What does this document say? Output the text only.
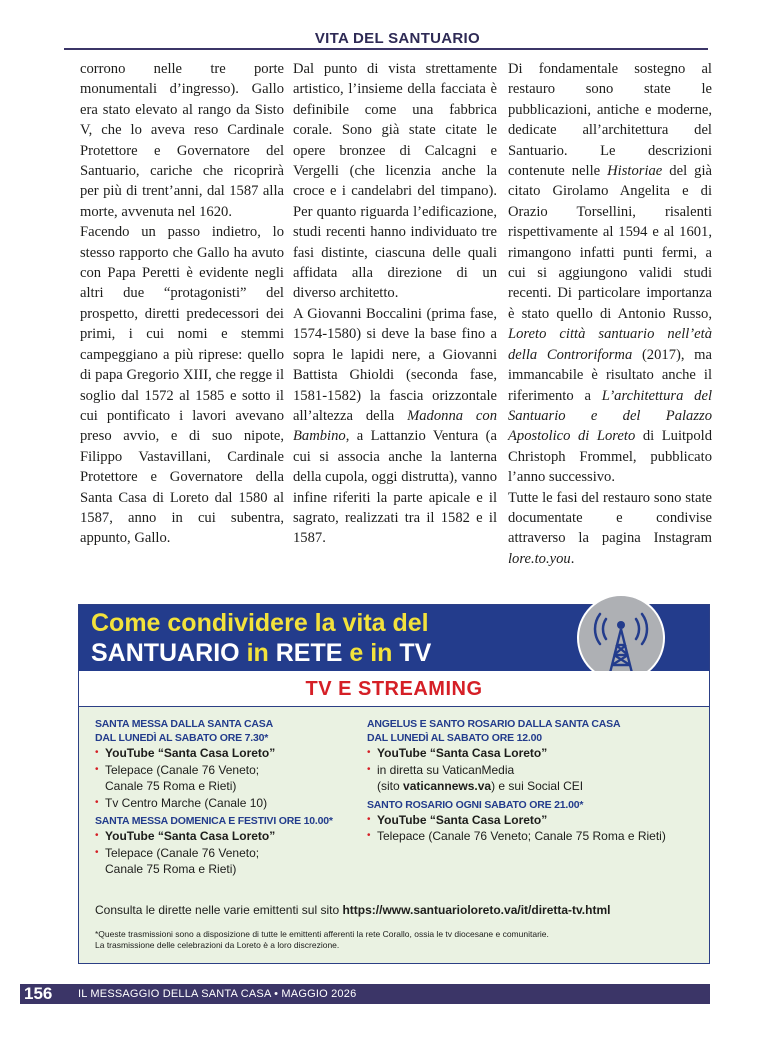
VITA DEL SANTUARIO

corrono nelle tre porte monumentali d’ingresso). Gallo era stato elevato al rango da Sisto V, che lo aveva reso Cardinale Protettore e Governatore del Santuario, cariche che ricoprirà per più di trent’anni, dal 1587 alla morte, avvenuta nel 1620.

Facendo un passo indietro, lo stesso rapporto che Gallo ha avuto con Papa Peretti è evidente negli altri due “protagonisti” del prospetto, diretti predecessori dei primi, i cui nomi e stemmi campeggiano a più riprese: quello di papa Gregorio XIII, che regge il soglio dal 1572 al 1585 e sotto il cui pontificato i lavori avevano preso avvio, e di suo nipote, Filippo Vastavillani, Cardinale Protettore e Governatore della Santa Casa di Loreto dal 1580 al 1587, anno in cui subentra, appunto, Gallo.

Dal punto di vista strettamente artistico, l’insieme della facciata è definibile come una fabbrica corale. Sono già state citate le opere bronzee di Calcagni e Vergelli (che licenzia anche la croce e i candelabri del timpano). Per quanto riguarda l’edificazione, studi recenti hanno individuato tre fasi distinte, ciascuna delle quali affidata alla direzione di un diverso architetto.

A Giovanni Boccalini (prima fase, 1574-1580) si deve la base fino a sopra le lapidi nere, a Giovanni Battista Ghioldi (seconda fase, 1581-1582) la fascia orizzontale all’altezza della Madonna con Bambino, a Lattanzio Ventura (a cui si associa anche la lanterna della cupola, oggi distrutta), vanno infine riferiti la parte apicale e il sagrato, realizzati tra il 1582 e il 1587.

Di fondamentale sostegno al restauro sono state le pubblicazioni, antiche e moderne, dedicate all’architettura del Santuario. Le descrizioni contenute nelle Historiae del già citato Girolamo Angelita e di Orazio Torsellini, risalenti rispettivamente al 1594 e al 1601, rimangono infatti punti fermi, a cui si aggiungono validi studi recenti. Di particolare importanza è stato quello di Antonio Russo, Loreto città santuario nell’età della Controriforma (2017), ma immancabile è risultato anche il riferimento a L’architettura del Santuario e del Palazzo Apostolico di Loreto di Luitpold Christoph Frommel, pubblicato l’anno successivo.

Tutte le fasi del restauro sono state documentate e condivise attraverso la pagina Instagram lore.to.you.

Come condividere la vita del
SANTUARIO in RETE e in TV
TV E STREAMING
SANTA MESSA DALLA SANTA CASA
DAL LUNEDÌ AL SABATO ORE 7.30*
• YouTube “Santa Casa Loreto”
• Telepace (Canale 76 Veneto;
Canale 75 Roma e Rieti)
• Tv Centro Marche (Canale 10)
SANTA MESSA DOMENICA E FESTIVI ORE 10.00*
• YouTube “Santa Casa Loreto”
• Telepace (Canale 76 Veneto;
Canale 75 Roma e Rieti)
ANGELUS E SANTO ROSARIO DALLA SANTA CASA
DAL LUNEDÌ AL SABATO ORE 12.00
• YouTube “Santa Casa Loreto”
• in diretta su VaticanMedia
(sito vaticannews.va) e sui Social CEI
SANTO ROSARIO OGNI SABATO ORE 21.00*
• YouTube “Santa Casa Loreto”
• Telepace (Canale 76 Veneto; Canale 75 Roma e Rieti)
Consulta le dirette nelle varie emittenti sul sito https://www.santuarioloreto.va/it/diretta-tv.html
*Queste trasmissioni sono a disposizione di tutte le emittenti afferenti la rete Corallo, ossia le tv diocesane e comunitarie.
La trasmissione delle celebrazioni da Loreto è a loro discrezione.
156 IL MESSAGGIO DELLA SANTA CASA • MAGGIO 2026
